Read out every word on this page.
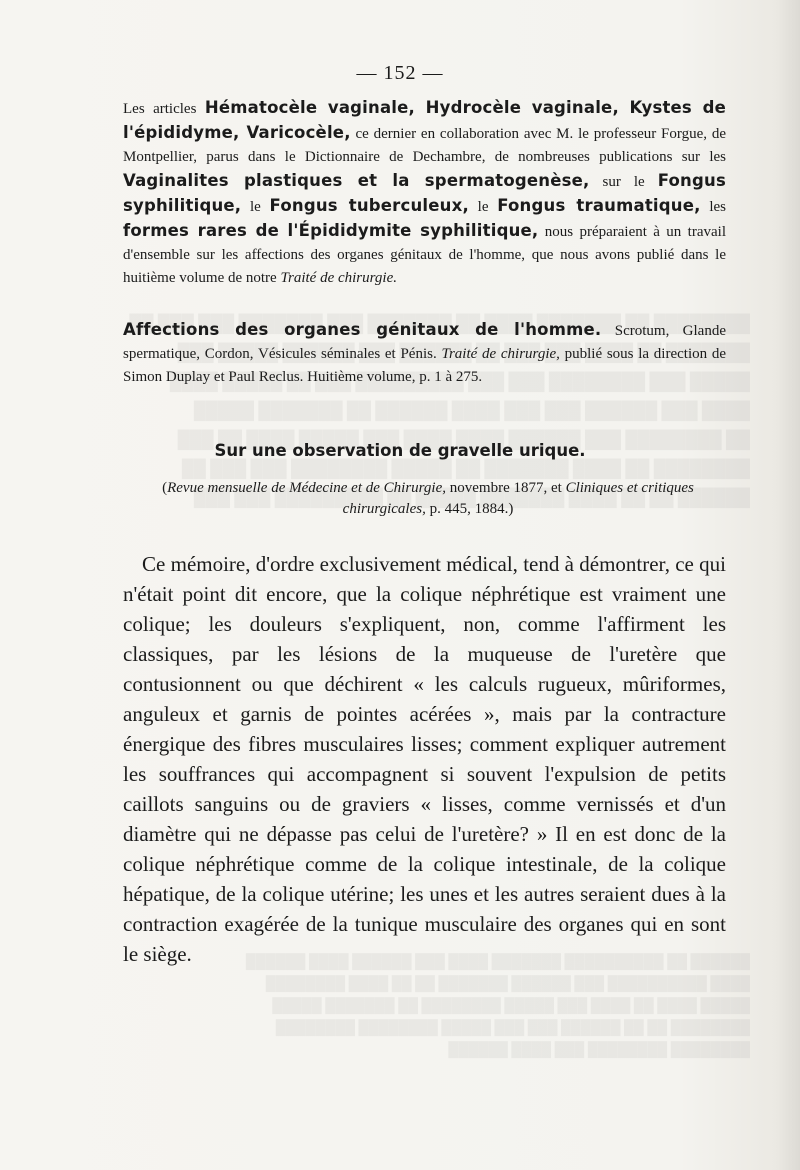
— 152 —

Les articles Hématocèle vaginale, Hydrocèle vaginale, Kystes de l'épididyme, Varicocèle, ce dernier en collaboration avec M. le professeur Forgue, de Montpellier, parus dans le Dictionnaire de Dechambre, de nombreuses publications sur les Vaginalites plastiques et la spermatogenèse, sur le Fongus syphilitique, le Fongus tuberculeux, le Fongus traumatique, les formes rares de l'Épididymite syphilitique, nous préparaient à un travail d'ensemble sur les affections des organes génitaux de l'homme, que nous avons publié dans le huitième volume de notre Traité de chirurgie.

Affections des organes génitaux de l'homme. Scrotum, Glande spermatique, Cordon, Vésicules séminales et Pénis. Traité de chirurgie, publié sous la direction de Simon Duplay et Paul Reclus. Huitième volume, p. 1 à 275.

Sur une observation de gravelle urique.
(Revue mensuelle de Médecine et de Chirurgie, novembre 1877, et Cliniques et critiques chirurgicales, p. 445, 1884.)

Ce mémoire, d'ordre exclusivement médical, tend à démontrer, ce qui n'était point dit encore, que la colique néphrétique est vraiment une colique; les douleurs s'expliquent, non, comme l'affirment les classiques, par les lésions de la muqueuse de l'uretère que contusionnent ou que déchirent « les calculs rugueux, mûriformes, anguleux et garnis de pointes acérées », mais par la contracture énergique des fibres musculaires lisses; comment expliquer autrement les souffrances qui accompagnent si souvent l'expulsion de petits caillots sanguins ou de graviers « lisses, comme vernissés et d'un diamètre qui ne dépasse pas celui de l'uretère? » Il en est donc de la colique néphrétique comme de la colique intestinale, de la colique hépatique, de la colique utérine; les unes et les autres seraient dues à la contraction exagérée de la tunique musculaire des organes qui en sont le siège.
